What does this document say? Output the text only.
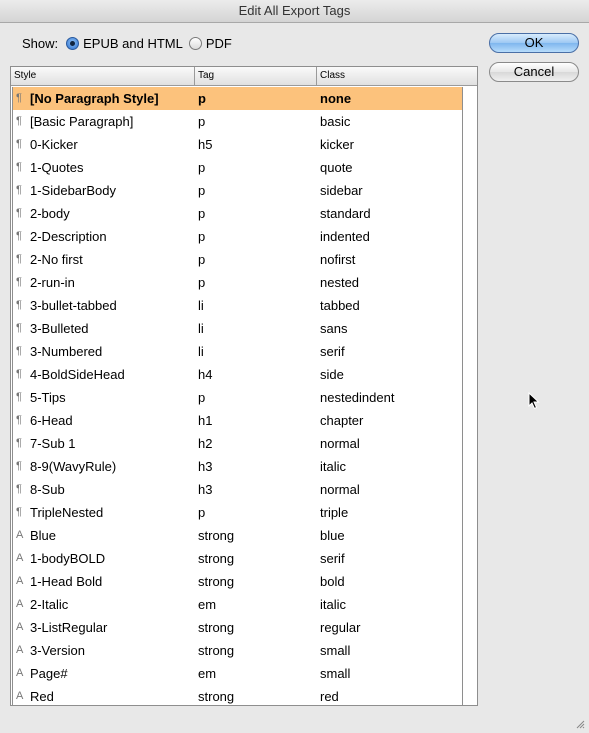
Edit All Export Tags
Show: EPUB and HTML PDF	OK
Cancel
Style	Tag	Class
¶ [No Paragraph Style]	p	none
¶ [Basic Paragraph]	p	basic
¶ 0-Kicker	h5	kicker
¶ 1-Quotes	p	quote
¶ 1-SidebarBody	p	sidebar
¶ 2-body	p	standard
¶ 2-Description	p	indented
¶ 2-No first	p	nofirst
¶ 2-run-in	p	nested
¶ 3-bullet-tabbed	li	tabbed
¶ 3-Bulleted	li	sans
¶ 3-Numbered	li	serif
¶ 4-BoldSideHead	h4	side
¶ 5-Tips	p	nestedindent
¶ 6-Head	h1	chapter
¶ 7-Sub 1	h2	normal
¶ 8-9(WavyRule)	h3	italic
¶ 8-Sub	h3	normal
¶ TripleNested	p	triple
A Blue	strong	blue
A 1-bodyBOLD	strong	serif
A 1-Head Bold	strong	bold
A 2-Italic	em	italic
A 3-ListRegular	strong	regular
A 3-Version	strong	small
A Page#	em	small
A Red	strong	red
